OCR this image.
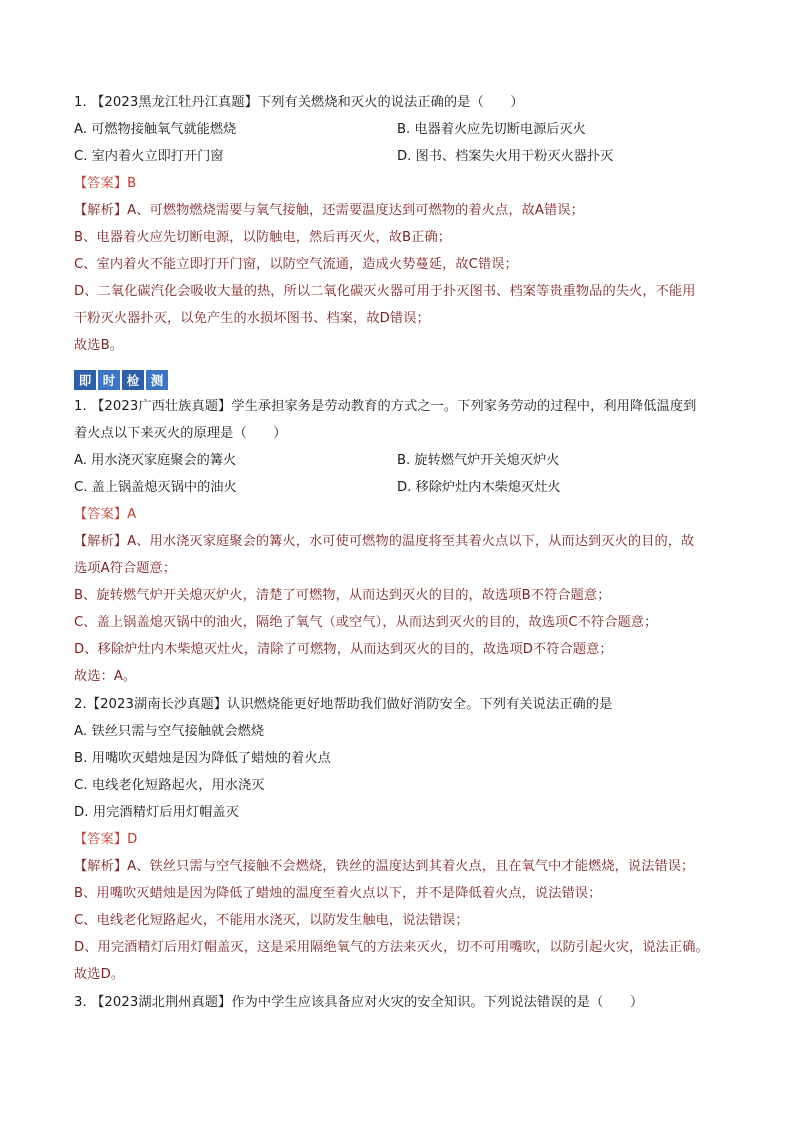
1. 【2023黑龙江牡丹江真题】下列有关燃烧和灭火的说法正确的是（　　）
A. 可燃物接触氧气就能燃烧	B. 电器着火应先切断电源后灭火
C. 室内着火立即打开门窗	D. 图书、档案失火用干粉灭火器扑灭
【答案】B
【解析】A、可燃物燃烧需要与氧气接触，还需要温度达到可燃物的着火点，故A错误；
B、电器着火应先切断电源，以防触电，然后再灭火，故B正确；
C、室内着火不能立即打开门窗，以防空气流通，造成火势蔓延，故C错误；
D、二氧化碳汽化会吸收大量的热，所以二氧化碳灭火器可用于扑灭图书、档案等贵重物品的失火，不能用
干粉灭火器扑灭，以免产生的水损坏图书、档案，故D错误；
故选B。
即 时 检 测
1. 【2023广西壮族真题】学生承担家务是劳动教育的方式之一。下列家务劳动的过程中，利用降低温度到
着火点以下来灭火的原理是（　　）
A. 用水浇灭家庭聚会的篝火	B. 旋转燃气炉开关熄灭炉火
C. 盖上锅盖熄灭锅中的油火	D. 移除炉灶内木柴熄灭灶火
【答案】A
【解析】A、用水浇灭家庭聚会的篝火，水可使可燃物的温度将至其着火点以下，从而达到灭火的目的，故
选项A符合题意；
B、旋转燃气炉开关熄灭炉火，清楚了可燃物，从而达到灭火的目的，故选项B不符合题意；
C、盖上锅盖熄灭锅中的油火，隔绝了氧气（或空气），从而达到灭火的目的，故选项C不符合题意；
D、移除炉灶内木柴熄灭灶火，清除了可燃物，从而达到灭火的目的，故选项D不符合题意；
故选：A。
2.【2023湖南长沙真题】认识燃烧能更好地帮助我们做好消防安全。下列有关说法正确的是
A. 铁丝只需与空气接触就会燃烧
B. 用嘴吹灭蜡烛是因为降低了蜡烛的着火点
C. 电线老化短路起火，用水浇灭
D. 用完酒精灯后用灯帽盖灭
【答案】D
【解析】A、铁丝只需与空气接触不会燃烧，铁丝的温度达到其着火点，且在氧气中才能燃烧，说法错误；
B、用嘴吹灭蜡烛是因为降低了蜡烛的温度至着火点以下，并不是降低着火点，说法错误；
C、电线老化短路起火，不能用水浇灭，以防发生触电，说法错误；
D、用完酒精灯后用灯帽盖灭，这是采用隔绝氧气的方法来灭火，切不可用嘴吹，以防引起火灾，说法正确。
故选D。
3. 【2023湖北荆州真题】作为中学生应该具备应对火灾的安全知识。下列说法错误的是（　　）
